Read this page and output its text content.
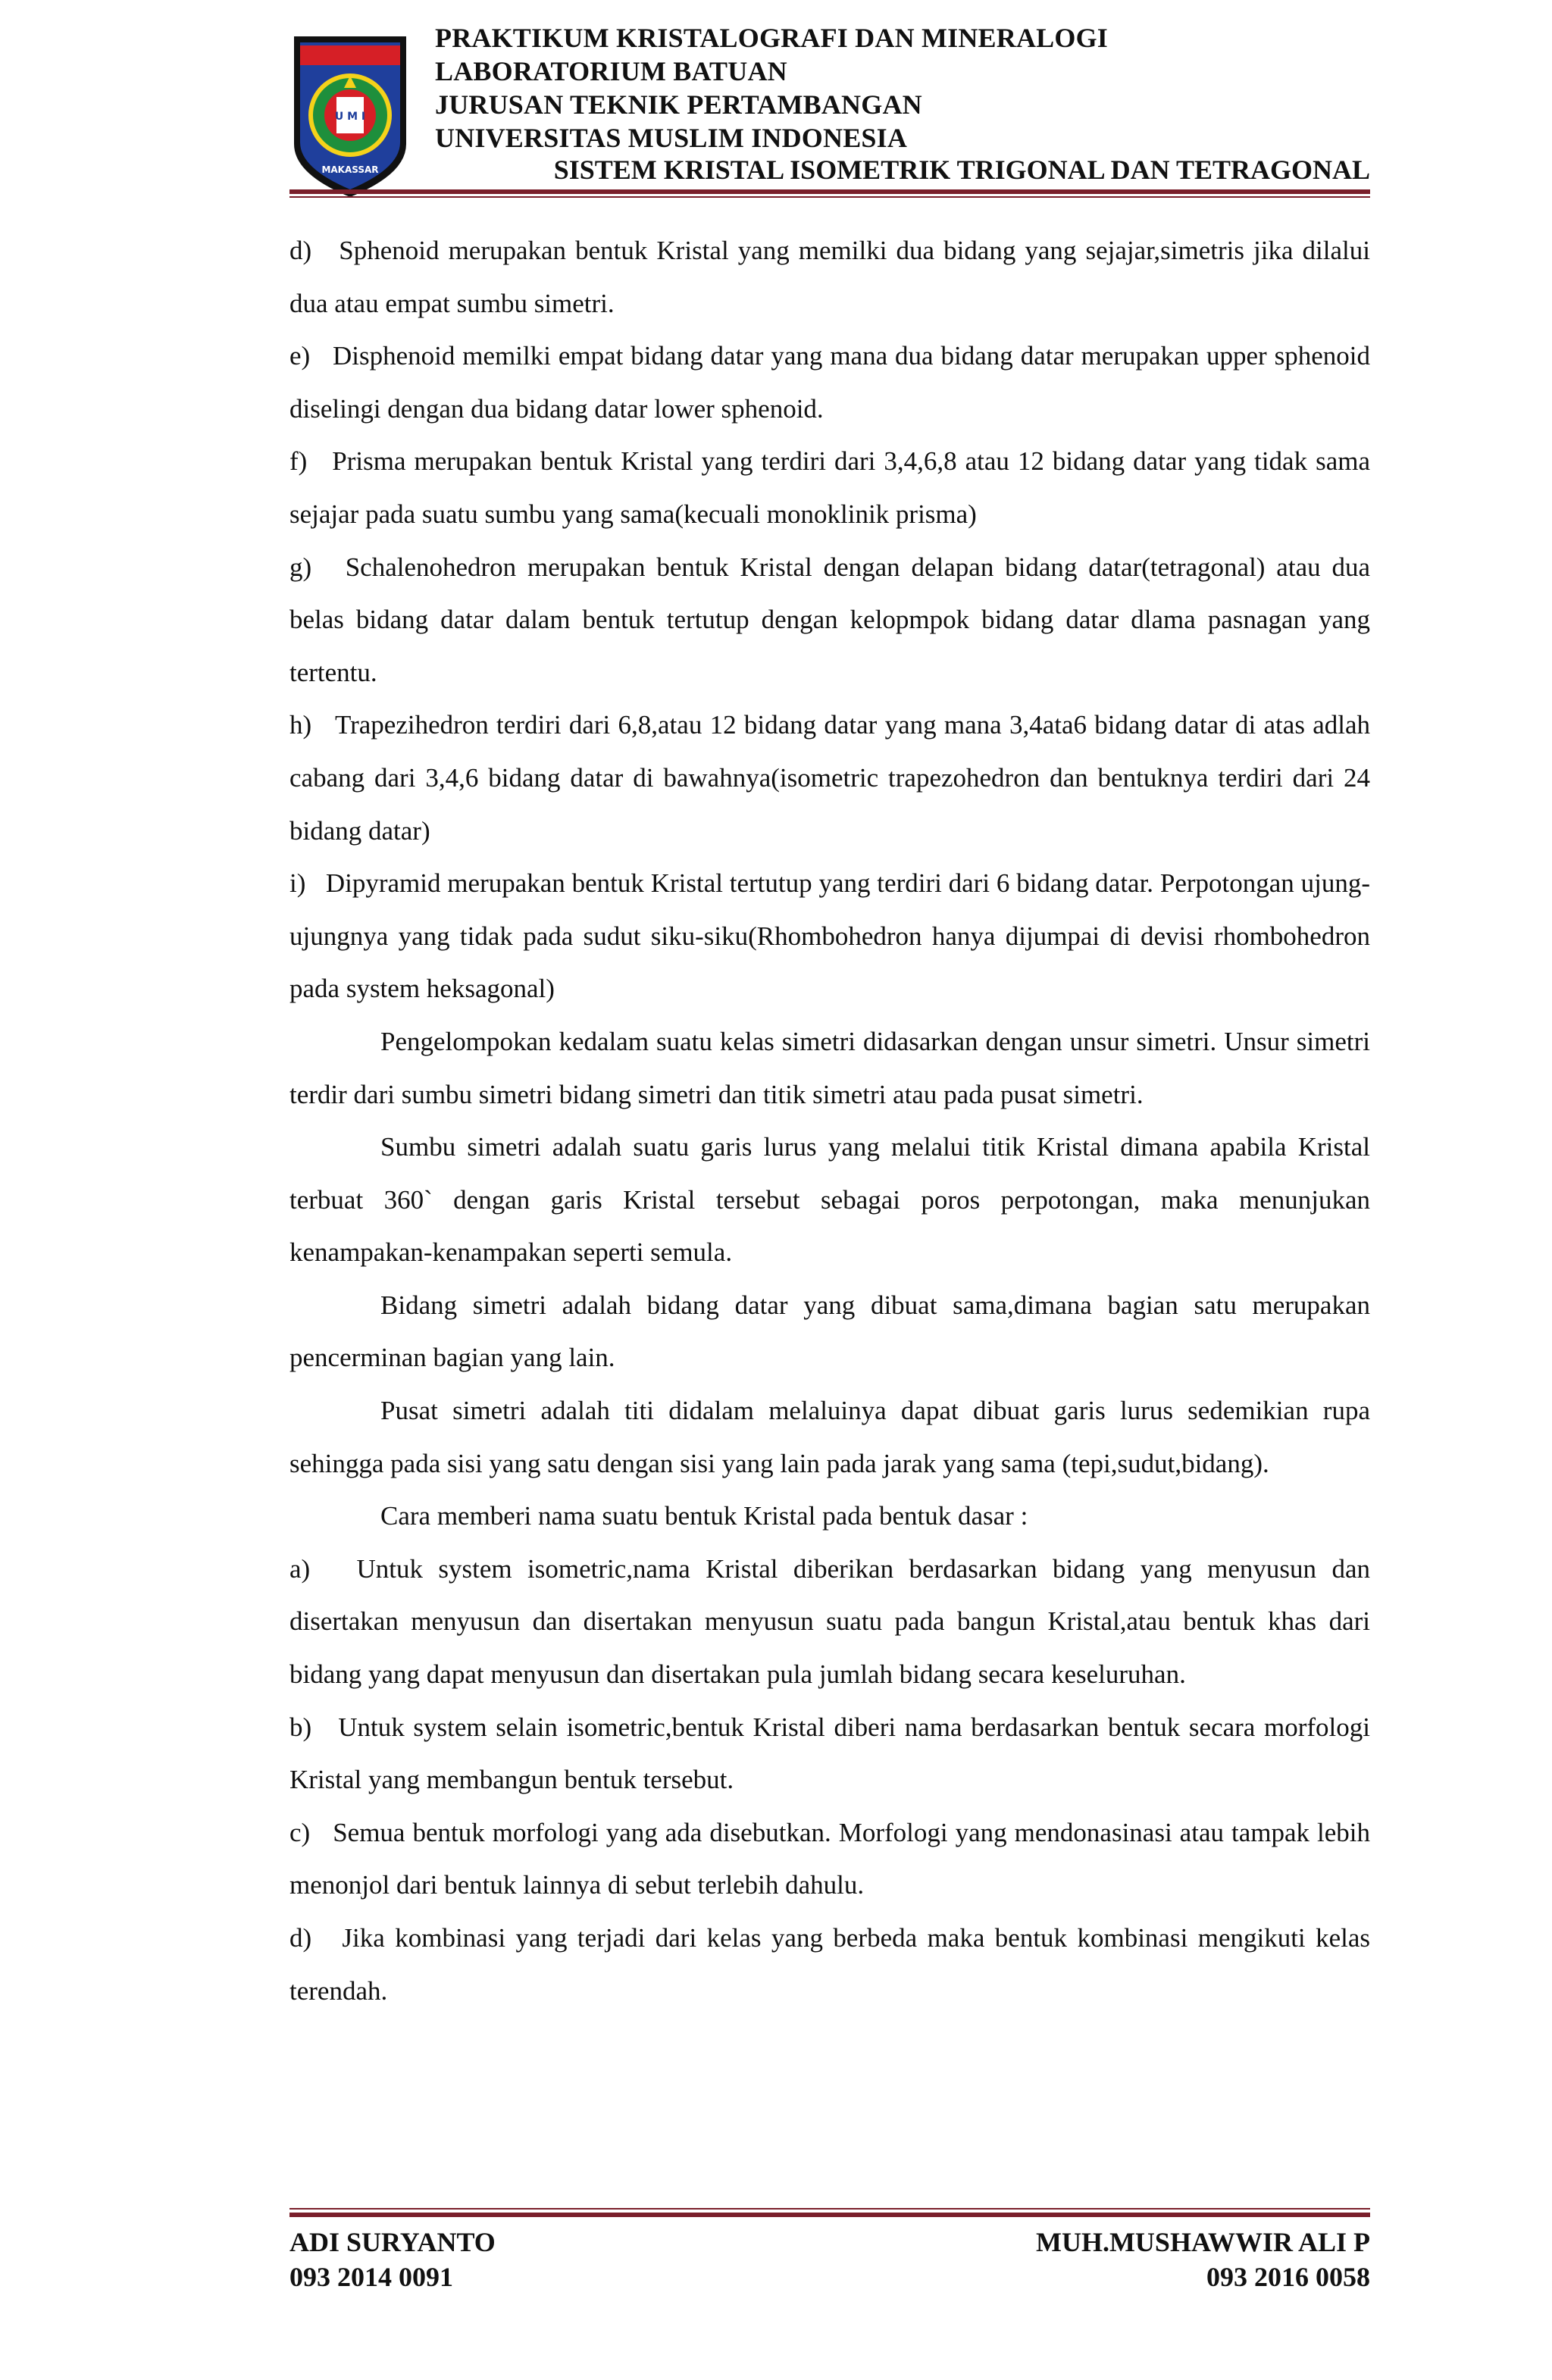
U M I
MAKASSAR
PRAKTIKUM KRISTALOGRAFI DAN MINERALOGI
LABORATORIUM BATUAN
JURUSAN TEKNIK PERTAMBANGAN
UNIVERSITAS MUSLIM INDONESIA
SISTEM KRISTAL ISOMETRIK TRIGONAL DAN TETRAGONAL

d)   Sphenoid merupakan bentuk Kristal yang memilki dua bidang yang sejajar,simetris jika dilalui dua atau empat sumbu simetri.

e)   Disphenoid memilki empat bidang datar yang mana dua bidang datar merupakan upper sphenoid diselingi dengan dua bidang datar lower sphenoid.

f)   Prisma merupakan bentuk Kristal yang terdiri dari 3,4,6,8 atau 12 bidang datar yang tidak sama sejajar pada suatu sumbu yang sama(kecuali monoklinik prisma)

g)   Schalenohedron merupakan bentuk Kristal dengan delapan bidang datar(tetragonal) atau dua belas bidang datar dalam bentuk tertutup dengan kelopmpok bidang datar dlama pasnagan yang tertentu.

h)   Trapezihedron terdiri dari 6,8,atau 12 bidang datar yang mana 3,4ata6 bidang datar di atas adlah cabang dari 3,4,6 bidang datar di bawahnya(isometric trapezohedron dan bentuknya terdiri dari 24 bidang datar)

i)   Dipyramid merupakan bentuk Kristal tertutup yang terdiri dari 6 bidang datar. Perpotongan ujung-ujungnya yang tidak pada sudut siku-siku(Rhombohedron hanya dijumpai di devisi rhombohedron pada system heksagonal)

Pengelompokan kedalam suatu kelas simetri didasarkan dengan unsur simetri. Unsur simetri terdir dari sumbu simetri bidang simetri dan titik simetri atau pada pusat simetri.

Sumbu simetri adalah suatu garis lurus yang melalui titik Kristal dimana apabila Kristal terbuat 360` dengan garis Kristal tersebut sebagai poros perpotongan, maka menunjukan kenampakan-kenampakan seperti semula.

Bidang simetri adalah bidang datar yang dibuat sama,dimana bagian satu merupakan pencerminan bagian yang lain.

Pusat simetri adalah titi didalam melaluinya dapat dibuat garis lurus sedemikian rupa sehingga pada sisi yang satu dengan sisi yang lain pada jarak yang sama (tepi,sudut,bidang).

Cara memberi nama suatu bentuk Kristal pada bentuk dasar :

a)   Untuk system isometric,nama Kristal diberikan berdasarkan bidang yang menyusun dan disertakan menyusun dan disertakan menyusun suatu pada bangun Kristal,atau bentuk khas dari bidang yang dapat menyusun dan disertakan pula jumlah bidang secara keseluruhan.

b)   Untuk system selain isometric,bentuk Kristal diberi nama berdasarkan bentuk secara morfologi Kristal yang membangun bentuk tersebut.

c)   Semua bentuk morfologi yang ada disebutkan. Morfologi yang mendonasinasi atau tampak lebih menonjol dari bentuk lainnya di sebut terlebih dahulu.

d)   Jika kombinasi yang terjadi dari kelas yang berbeda maka bentuk kombinasi mengikuti kelas terendah.

ADI SURYANTO
093 2014 0091
MUH.MUSHAWWIR ALI P
093 2016 0058
